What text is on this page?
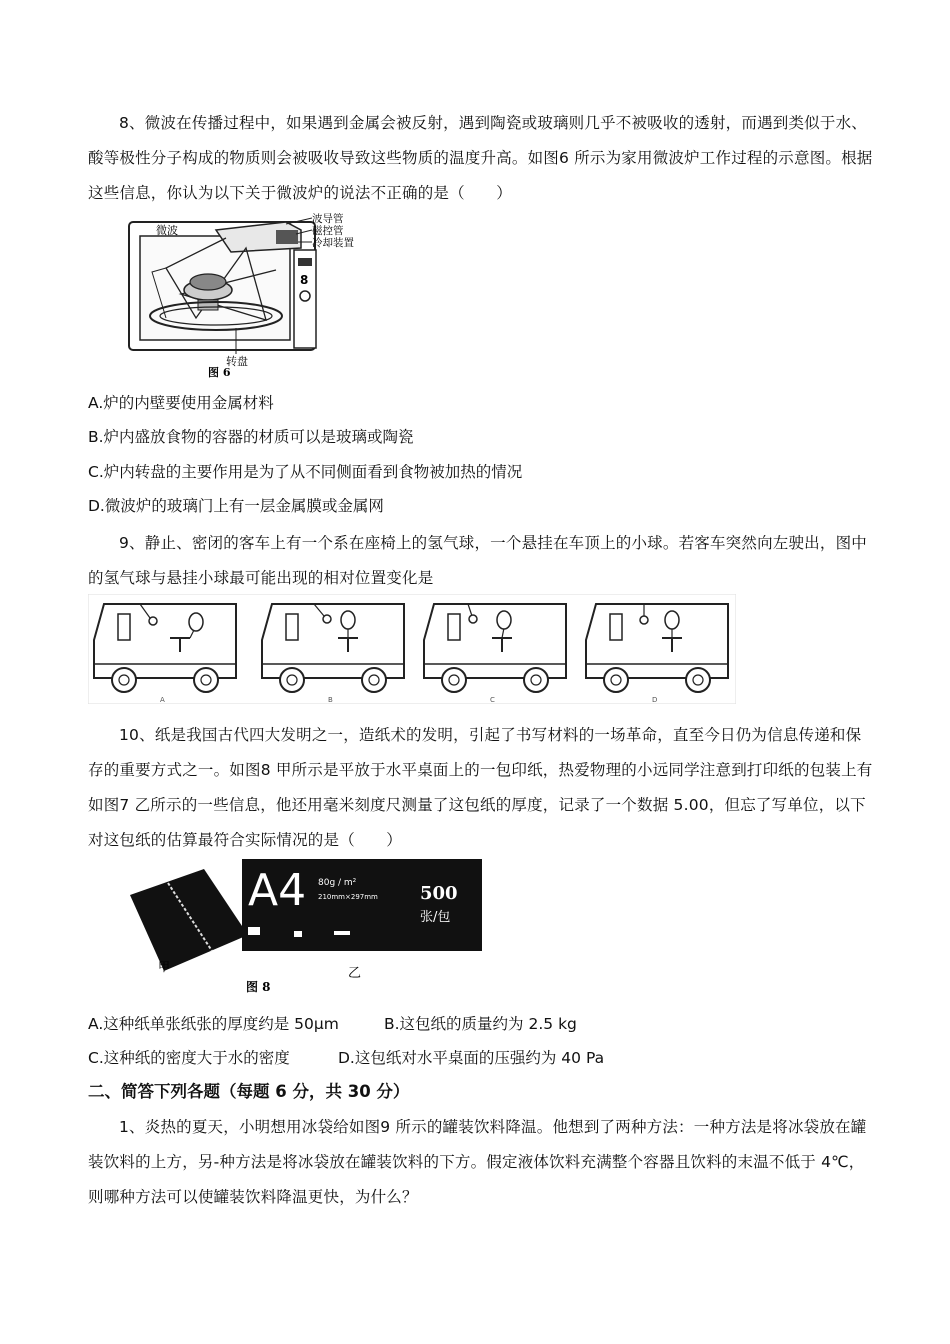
8、微波在传播过程中，如果遇到金属会被反射，遇到陶瓷或玻璃则几乎不被吸收的透射，而遇到类似于水、酸等极性分子构成的物质则会被吸收导致这些物质的温度升高。如图6 所示为家用微波炉工作过程的示意图。根据这些信息，你认为以下关于微波炉的说法不正确的是（　　）

微波
波导管
磁控管
冷却装置
8
转盘
图 6

A.炉的内壁要使用金属材料

B.炉内盛放食物的容器的材质可以是玻璃或陶瓷

C.炉内转盘的主要作用是为了从不同侧面看到食物被加热的情况

D.微波炉的玻璃门上有一层金属膜或金属网

9、静止、密闭的客车上有一个系在座椅上的氢气球，一个悬挂在车顶上的小球。若客车突然向左驶出，图中的氢气球与悬挂小球最可能出现的相对位置变化是

A	B	C	D

10、纸是我国古代四大发明之一，造纸术的发明，引起了书写材料的一场革命，直至今日仍为信息传递和保存的重要方式之一。如图8 甲所示是平放于水平桌面上的一包印纸，热爱物理的小远同学注意到打印纸的包装上有如图7 乙所示的一些信息，他还用毫米刻度尺测量了这包纸的厚度，记录了一个数据 5.00，但忘了写单位，以下对这包纸的估算最符合实际情况的是（　　）

A4 80g / m²
210mm×297mm 500
张/包
甲	乙
图 8

A.这种纸单张纸张的厚度约是 50μm	B.这包纸的质量约为 2.5 kg

C.这种纸的密度大于水的密度	D.这包纸对水平桌面的压强约为 40 Pa

二、简答下列各题（每题 6 分，共 30 分）

1、炎热的夏天，小明想用冰袋给如图9 所示的罐装饮料降温。他想到了两种方法：一种方法是将冰袋放在罐装饮料的上方，另-种方法是将冰袋放在罐装饮料的下方。假定液体饮料充满整个容器且饮料的末温不低于 4℃，则哪种方法可以使罐装饮料降温更快，为什么？
